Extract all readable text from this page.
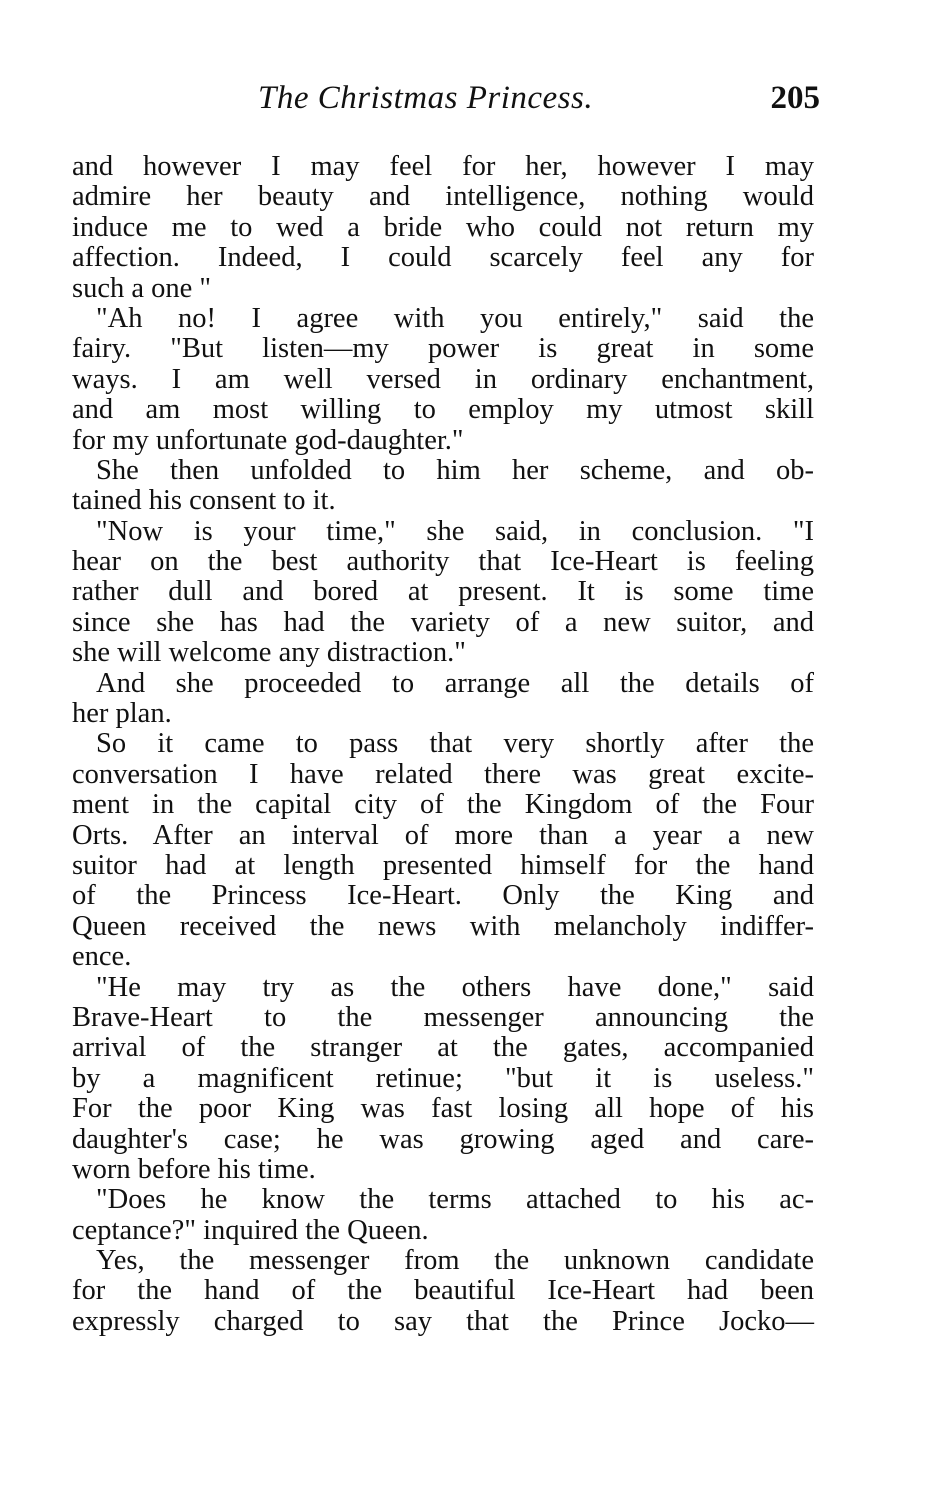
The Christmas Princess.	205
and however I may feel for her, however I may
admire her beauty and intelligence, nothing would
induce me to wed a bride who could not return my
affection. Indeed, I could scarcely feel any for
such a one "
"Ah no! I agree with you entirely," said the
fairy. "But listen—my power is great in some
ways. I am well versed in ordinary enchantment,
and am most willing to employ my utmost skill
for my unfortunate god-daughter."
She then unfolded to him her scheme, and ob-
tained his consent to it.
"Now is your time," she said, in conclusion. "I
hear on the best authority that Ice-Heart is feeling
rather dull and bored at present. It is some time
since she has had the variety of a new suitor, and
she will welcome any distraction."
And she proceeded to arrange all the details of
her plan.
So it came to pass that very shortly after the
conversation I have related there was great excite-
ment in the capital city of the Kingdom of the Four
Orts. After an interval of more than a year a new
suitor had at length presented himself for the hand
of the Princess Ice-Heart. Only the King and
Queen received the news with melancholy indiffer-
ence.
"He may try as the others have done," said
Brave-Heart to the messenger announcing the
arrival of the stranger at the gates, accompanied
by a magnificent retinue; "but it is useless."
For the poor King was fast losing all hope of his
daughter's case; he was growing aged and care-
worn before his time.
"Does he know the terms attached to his ac-
ceptance?" inquired the Queen.
Yes, the messenger from the unknown candidate
for the hand of the beautiful Ice-Heart had been
expressly charged to say that the Prince Jocko—
